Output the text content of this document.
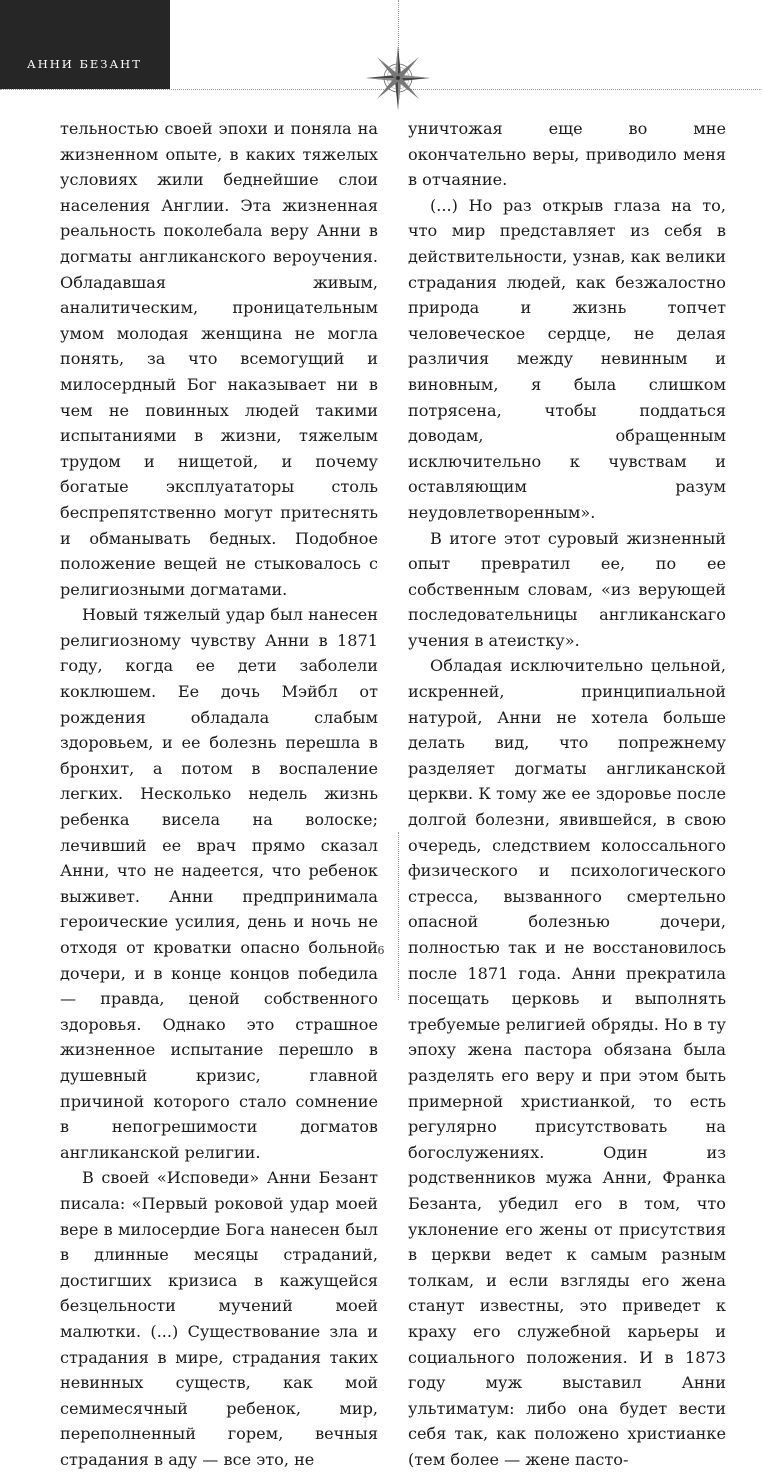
АННИ БЕЗАНТ

тельностью своей эпохи и поняла на жизненном опыте, в каких тяжелых условиях жили беднейшие слои населения Англии. Эта жизненная реальность поколебала веру Анни в догматы англиканского вероучения. Обладавшая живым, аналитическим, проницательным умом молодая женщина не могла понять, за что всемогущий и милосердный Бог наказывает ни в чем не повинных людей такими испытаниями в жизни, тяжелым трудом и нищетой, и почему богатые эксплуататоры столь беспрепятственно могут притеснять и обманывать бедных. Подобное положение вещей не стыковалось с религиозными догматами.

Новый тяжелый удар был нанесен религиозному чувству Анни в 1871 году, когда ее дети заболели коклюшем. Ее дочь Мэйбл от рождения обладала слабым здоровьем, и ее болезнь перешла в бронхит, а потом в воспаление легких. Несколько недель жизнь ребенка висела на волоске; лечивший ее врач прямо сказал Анни, что не надеется, что ребенок выживет. Анни предпринимала героические усилия, день и ночь не отходя от кроватки опасно больной дочери, и в конце концов победила — правда, ценой собственного здоровья. Однако это страшное жизненное испытание перешло в душевный кризис, главной причиной которого стало сомнение в непогрешимости догматов англиканской религии.

В своей «Исповеди» Анни Безант писала: «Первый роковой удар моей вере в милосердие Бога нанесен был в длинные месяцы страданий, достигших кризиса в кажущейся безцельности мучений моей малютки. (...) Существование зла и страдания в мире, страдания таких невинных существ, как мой семимесячный ребенок, мир, переполненный горем, вечныя страдания в аду — все это, не

уничтожая еще во мне окончательно веры, приводило меня в отчаяние.

(...) Но раз открыв глаза на то, что мир представляет из себя в действительности, узнав, как велики страдания людей, как безжалостно природа и жизнь топчет человеческое сердце, не делая различия между невинным и виновным, я была слишком потрясена, чтобы поддаться доводам, обращенным исключительно к чувствам и оставляющим разум неудовлетворенным».

В итоге этот суровый жизненный опыт превратил ее, по ее собственным словам, «из верующей последовательницы англиканскаго учения в атеистку».

Обладая исключительно цельной, искренней, принципиальной натурой, Анни не хотела больше делать вид, что попрежнему разделяет догматы англиканской церкви. К тому же ее здоровье после долгой болезни, явившейся, в свою очередь, следствием колоссального физического и психологического стресса, вызванного смертельно опасной болезнью дочери, полностью так и не восстановилось после 1871 года. Анни прекратила посещать церковь и выполнять требуемые религией обряды. Но в ту эпоху жена пастора обязана была разделять его веру и при этом быть примерной христианкой, то есть регулярно присутствовать на богослужениях. Один из родственников мужа Анни, Франка Безанта, убедил его в том, что уклонение его жены от присутствия в церкви ведет к самым разным толкам, и если взгляды его жена станут известны, это приведет к краху его служебной карьеры и социального положения. И в 1873 году муж выставил Анни ультиматум: либо она будет вести себя так, как положено христианке (тем более — жене пасто-

6
